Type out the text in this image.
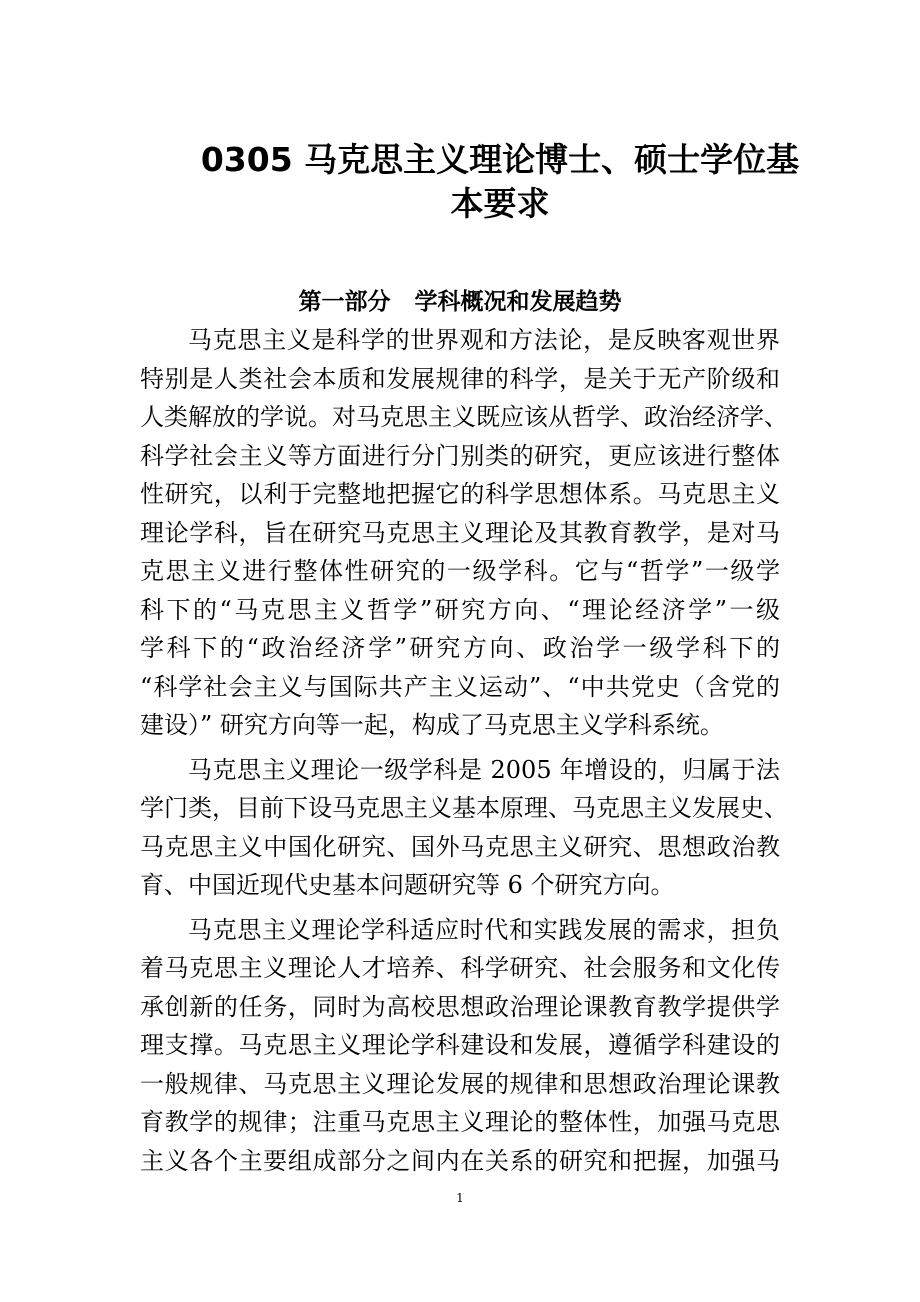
0305 马克思主义理论博士、硕士学位基
本要求
第一部分   学科概况和发展趋势

马克思主义是科学的世界观和方法论，是反映客观世界
特别是人类社会本质和发展规律的科学，是关于无产阶级和
人类解放的学说。对马克思主义既应该从哲学、政治经济学、
科学社会主义等方面进行分门别类的研究，更应该进行整体
性研究，以利于完整地把握它的科学思想体系。马克思主义
理论学科，旨在研究马克思主义理论及其教育教学，是对马
克思主义进行整体性研究的一级学科。它与“哲学”一级学
科下的“马克思主义哲学”研究方向、“理论经济学”一级
学科下的“政治经济学”研究方向、政治学一级学科下的
“科学社会主义与国际共产主义运动”、“中共党史（含党的
建设）” 研究方向等一起，构成了马克思主义学科系统。

马克思主义理论一级学科是 2005 年增设的，归属于法
学门类，目前下设马克思主义基本原理、马克思主义发展史、
马克思主义中国化研究、国外马克思主义研究、思想政治教
育、中国近现代史基本问题研究等 6 个研究方向。

马克思主义理论学科适应时代和实践发展的需求，担负
着马克思主义理论人才培养、科学研究、社会服务和文化传
承创新的任务，同时为高校思想政治理论课教育教学提供学
理支撑。马克思主义理论学科建设和发展，遵循学科建设的
一般规律、马克思主义理论发展的规律和思想政治理论课教
育教学的规律；注重马克思主义理论的整体性，加强马克思
主义各个主要组成部分之间内在关系的研究和把握，加强马

1
